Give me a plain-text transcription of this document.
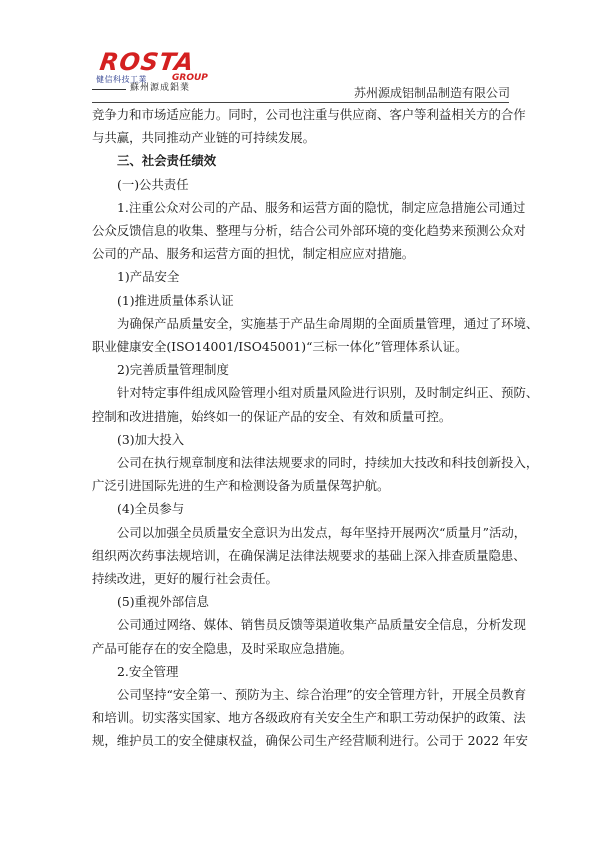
ROSTA
健信科技工業	GROUP
蘇州源成鋁業	苏州源成铝制品制造有限公司

竞争力和市场适应能力。同时，公司也注重与供应商、客户等利益相关方的合作

与共赢，共同推动产业链的可持续发展。

三、社会责任绩效

(一)公共责任

1.注重公众对公司的产品、服务和运营方面的隐忧，制定应急措施公司通过

公众反馈信息的收集、整理与分析，结合公司外部环境的变化趋势来预测公众对

公司的产品、服务和运营方面的担忧，制定相应应对措施。

1)产品安全

(1)推进质量体系认证

为确保产品质量安全，实施基于产品生命周期的全面质量管理，通过了环境、

职业健康安全(ISO14001/ISO45001)“三标一体化”管理体系认证。

2)完善质量管理制度

针对特定事件组成风险管理小组对质量风险进行识别，及时制定纠正、预防、

控制和改进措施，始终如一的保证产品的安全、有效和质量可控。

(3)加大投入

公司在执行规章制度和法律法规要求的同时，持续加大技改和科技创新投入，

广泛引进国际先进的生产和检测设备为质量保驾护航。

(4)全员参与

公司以加强全员质量安全意识为出发点，每年坚持开展两次“质量月”活动，

组织两次药事法规培训，在确保满足法律法规要求的基础上深入排查质量隐患、

持续改进，更好的履行社会责任。

(5)重视外部信息

公司通过网络、媒体、销售员反馈等渠道收集产品质量安全信息，分析发现

产品可能存在的安全隐患，及时采取应急措施。

2.安全管理

公司坚持“安全第一、预防为主、综合治理”的安全管理方针，开展全员教育

和培训。切实落实国家、地方各级政府有关安全生产和职工劳动保护的政策、法

规，维护员工的安全健康权益，确保公司生产经营顺利进行。公司于 2022 年安
